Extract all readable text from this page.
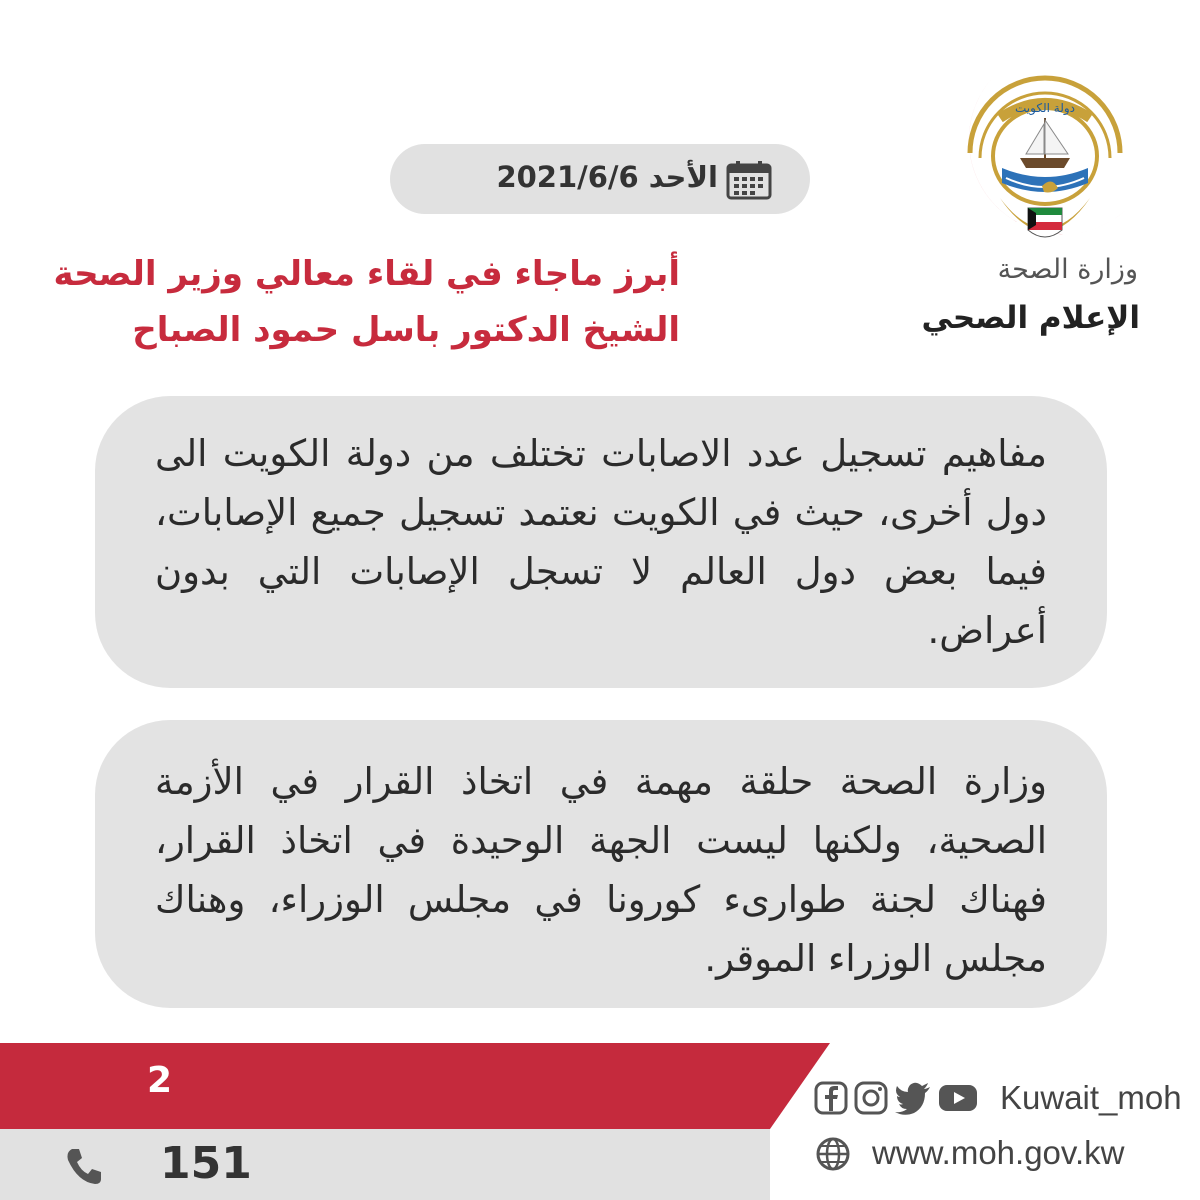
دولة الكويت
وزارة الصحة
الإعلام الصحي
الأحد 2021/6/6
أبرز ماجاء في لقاء معالي وزير الصحة
الشيخ الدكتور باسل حمود الصباح
مفاهيم تسجيل عدد الاصابات تختلف من دولة الكويت الى دول أخرى، حيث في الكويت نعتمد تسجيل جميع الإصابات، فيما بعض دول العالم لا تسجل الإصابات التي بدون أعراض.
وزارة الصحة حلقة مهمة في اتخاذ القرار في الأزمة الصحية، ولكنها ليست الجهة الوحيدة في اتخاذ القرار، فهناك لجنة طوارىء كورونا في مجلس الوزراء، وهناك مجلس الوزراء الموقر.
2
151
Kuwait_moh
www.moh.gov.kw
